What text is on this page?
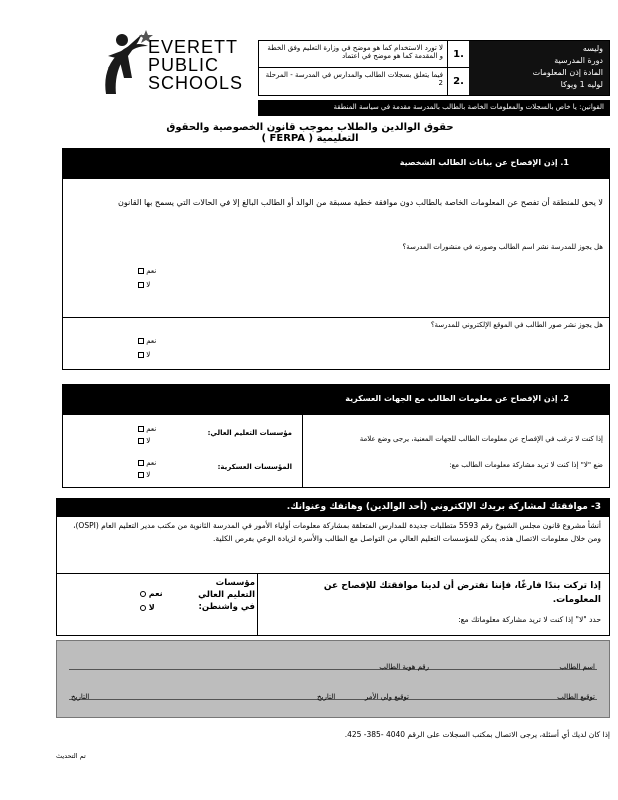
EVERETT
PUBLIC
SCHOOLS
وليسه
دورة المدرسية
المادة إذن المعلومات
لوليه 1 ويوكا
1.
2.
لا تورد الاستخدام كما هو موضح في وزارة التعليم وفق الخطة و المقدمة كما هو موضح في اعتماد
فيما يتعلق بسجلات الطالب والمدارس في المدرسة - المرحلة 2
القوانين: يا خاص بالسجلات والمعلومات الخاصة بالطالب بالمدرسة مقدمة في سياسة المنطقة
حقوق الوالدين والطلاب بموجب قانون الخصوصية والحقوق التعليمية ( FERPA )
1. إذن الإفصاح عن بيانات الطالب الشخصية
لا يحق للمنطقة أن تفصح عن المعلومات الخاصة بالطالب دون موافقة خطية مسبقة من الوالد أو الطالب البالغ إلا في الحالات التي يسمح بها القانون
هل يجوز للمدرسة نشر اسم الطالب وصورته في منشورات المدرسة؟
نعم
لا
هل يجوز نشر صور الطالب في الموقع الإلكتروني للمدرسة؟
نعم
لا
2. إذن الإفصاح عن معلومات الطالب مع الجهات العسكرية
مؤسسات التعليم العالي:
نعم
لا
المؤسسات العسكرية:
نعم
لا
إذا كنت لا ترغب في الإفصاح عن معلومات الطالب للجهات المعنية، يرجى وضع علامة
ضع "لا" إذا كنت لا تريد مشاركة معلومات الطالب مع:
3- موافقتك لمشاركة بريدك الإلكتروني (أحد الوالدين) وهاتفك وعنوانك.
أنشأ مشروع قانون مجلس الشيوخ رقم 5593 متطلبات جديدة للمدارس المتعلقة بمشاركة معلومات أولياء الأمور في المدرسة الثانوية من مكتب مدير التعليم العام (OSPI)، ومن خلال معلومات الاتصال هذه، يمكن للمؤسسات التعليم العالي من التواصل مع الطالب والأسرة لزيادة الوعي بفرص الكلية.
إذا تركت بندًا فارغًا، فإننا نفترض أن لدينا موافقتك للإفصاح عن المعلومات.
حدد "لا" إذا كنت لا تريد مشاركة معلوماتك مع:
مؤسسات التعليم العالي في واشنطن:
نعم
لا
اسم الطالب
رقم هوية الطالب
توقيع الطالب
توقيع ولي الأمر
التاريخ
التاريخ
إذا كان لديك أي أسئلة، يرجى الاتصال بمكتب السجلات على الرقم 4040 -385- 425.
تم التحديث
